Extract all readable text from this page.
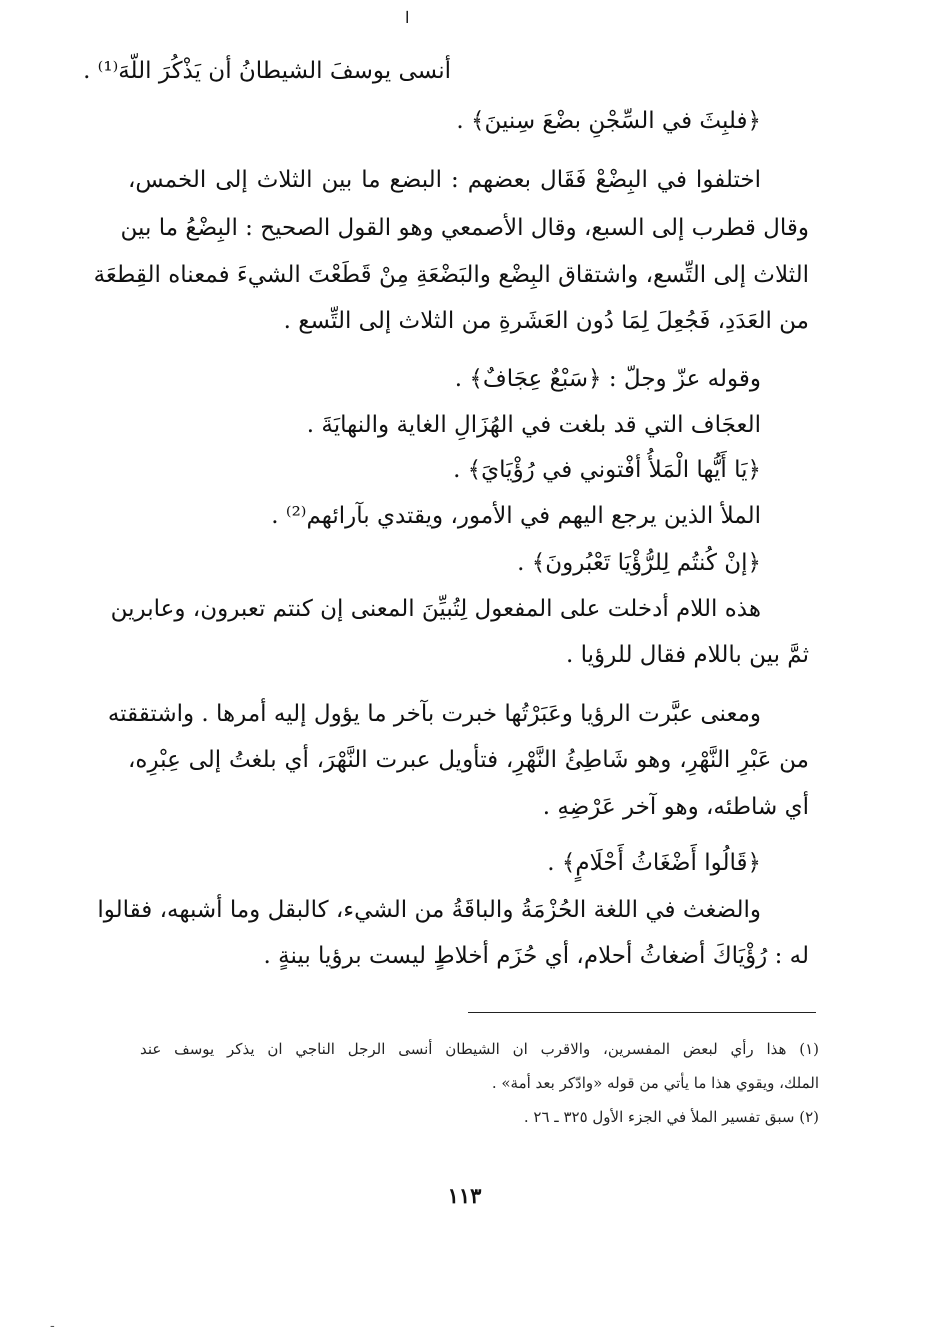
ا
أنسى يوسفَ الشيطانُ أن يَذْكُرَ اللّهَ⁽¹⁾ .
﴿فلبِثَ في السِّجْنِ بضْعَ سِنينَ﴾ .
اختلفوا في البِضْعْ فَقَال بعضهم : البضع ما بين الثلاث إلى الخمس،
وقال قطرب إلى السبع، وقال الأصمعي وهو القول الصحيح : البِضْعُ ما بين
الثلاث إلى التِّسع، واشتقاق البِضْع والبَضْعَةِ مِنْ قَطَعْتَ الشيءَ فمعناه القِطعَة
من العَدَدِ، فَجُعِلَ لِمَا دُون العَشَرةِ من الثلاث إلى التِّسع .
وقوله عزّ وجلّ : ﴿سَبْعٌ عِجَافٌ﴾ .
العجَاف التي قد بلغت في الهُزَالِ الغاية والنهايَةَ .
﴿يَا أَيُّها الْمَلأُ أفْتوني في رُؤْيَايَ﴾ .
الملأ الذين يرجع اليهم في الأمور، ويقتدي بآرائهم⁽²⁾ .
﴿إنْ كُنتُم لِلرُّؤْيَا تَعْبُرونَ﴾ .
هذه اللام أدخلت على المفعول لِتُبيِّنَ المعنى إن كنتم تعبرون، وعابرين
ثمَّ بين باللام فقال للرؤيا .
ومعنى عبَّرت الرؤيا وعَبَرْتُها خبرت بآخر ما يؤول إليه أمرها . واشتققته
من عَبْرِ النَّهْرِ، وهو شَاطِئُ النَّهْرِ، فتأويل عبرت النَّهْرَ، أي بلغتُ إلى عِبْرِه،
أي شاطئه، وهو آخر عَرْضِهِ .
﴿قَالُوا أَضْغَاثُ أَحْلَامٍ﴾ .
والضغث في اللغة الحُزْمَةُ والباقَةُ من الشيء، كالبقل وما أشبهه، فقالوا
له : رُؤْيَاكَ أضغاثُ أحلام، أي حُزَم أخلاطٍ ليست برؤيا بينةٍ .
(١) هذا رأي لبعض المفسرين، والاقرب ان الشيطان أنسى الرجل الناجي ان يذكر يوسف عند
الملك، ويقوي هذا ما يأتي من قوله «وادّكر بعد أمة» .
(٢) سبق تفسير الملأ في الجزء الأول ٣٢٥ ـ ٢٦ .
١١٣
-
